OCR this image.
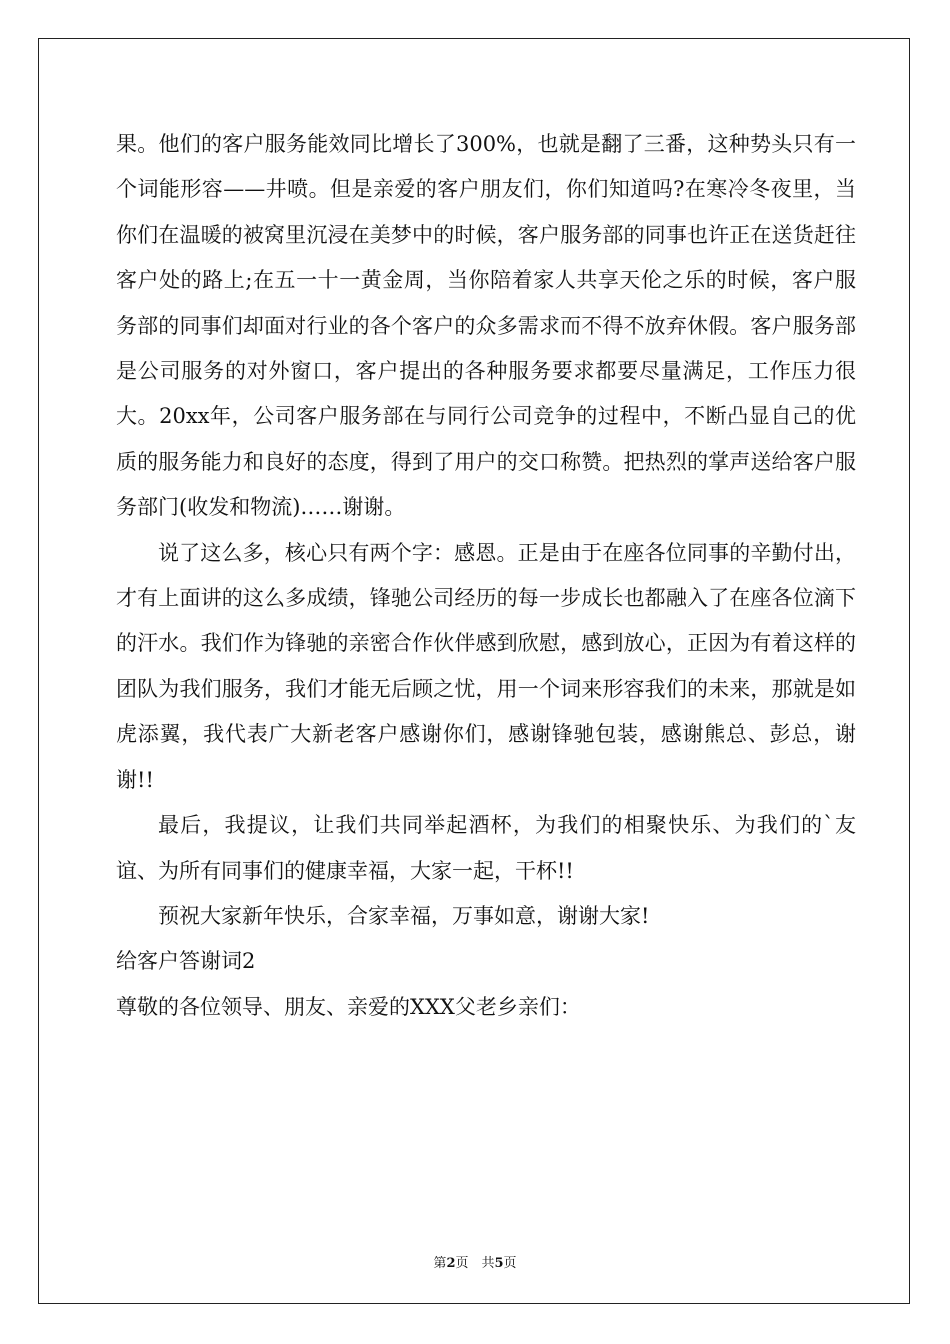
果。他们的客户服务能效同比增长了300%，也就是翻了三番，这种势头只有一个词能形容——井喷。但是亲爱的客户朋友们，你们知道吗?在寒冷冬夜里，当你们在温暖的被窝里沉浸在美梦中的时候，客户服务部的同事也许正在送货赶往客户处的路上;在五一十一黄金周，当你陪着家人共享天伦之乐的时候，客户服务部的同事们却面对行业的各个客户的众多需求而不得不放弃休假。客户服务部是公司服务的对外窗口，客户提出的各种服务要求都要尽量满足，工作压力很大。20xx年，公司客户服务部在与同行公司竞争的过程中，不断凸显自己的优质的服务能力和良好的态度，得到了用户的交口称赞。把热烈的掌声送给客户服务部门(收发和物流)……谢谢。

说了这么多，核心只有两个字：感恩。正是由于在座各位同事的辛勤付出，才有上面讲的这么多成绩，锋驰公司经历的每一步成长也都融入了在座各位滴下的汗水。我们作为锋驰的亲密合作伙伴感到欣慰，感到放心，正因为有着这样的团队为我们服务，我们才能无后顾之忧，用一个词来形容我们的未来，那就是如虎添翼，我代表广大新老客户感谢你们，感谢锋驰包装，感谢熊总、彭总，谢谢!!

最后，我提议，让我们共同举起酒杯，为我们的相聚快乐、为我们的`友谊、为所有同事们的健康幸福，大家一起，干杯!!

预祝大家新年快乐，合家幸福，万事如意，谢谢大家!

给客户答谢词2

尊敬的各位领导、朋友、亲爱的XXX父老乡亲们：

第2页　共5页
